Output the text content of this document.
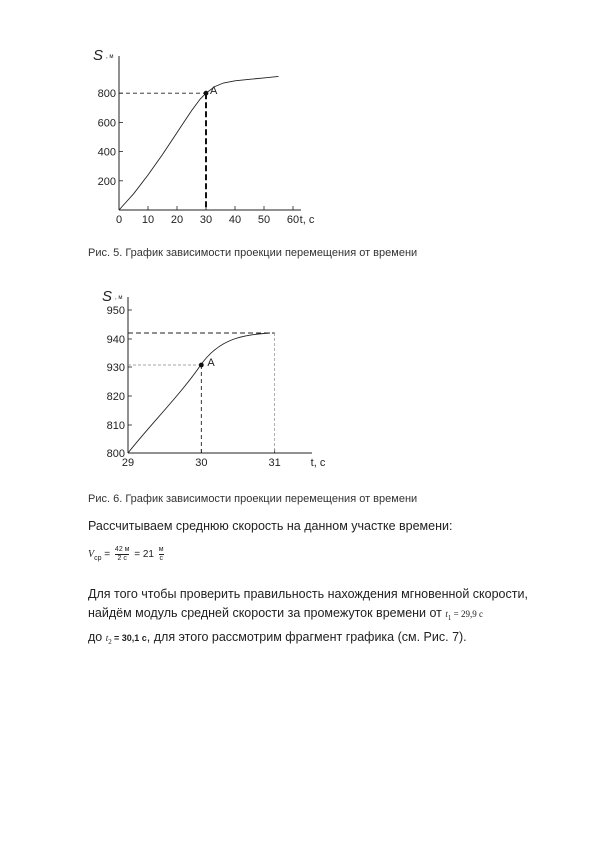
0 10 20 30 40 50 60
200
400
600
800
S , м
t, c
A
29	30	31
800
810
820
930
940
950
S , м
t, c
A
Рис. 5. График зависимости проекции перемещения от времени
Рис. 6. График зависимости проекции перемещения от времени
Рассчитываем среднюю скорость на данном участке времени:
$V_{ср} = \frac{42 м}{2 с} = 21 \frac{м}{с}$
Для того чтобы проверить правильность нахождения мгновенной скорости,
найдём модуль средней скорости за промежуток времени от $t_1 = 29,9$ с
до $t_2 = 30,1$ с, для этого рассмотрим фрагмент графика (см. Рис. 7).
